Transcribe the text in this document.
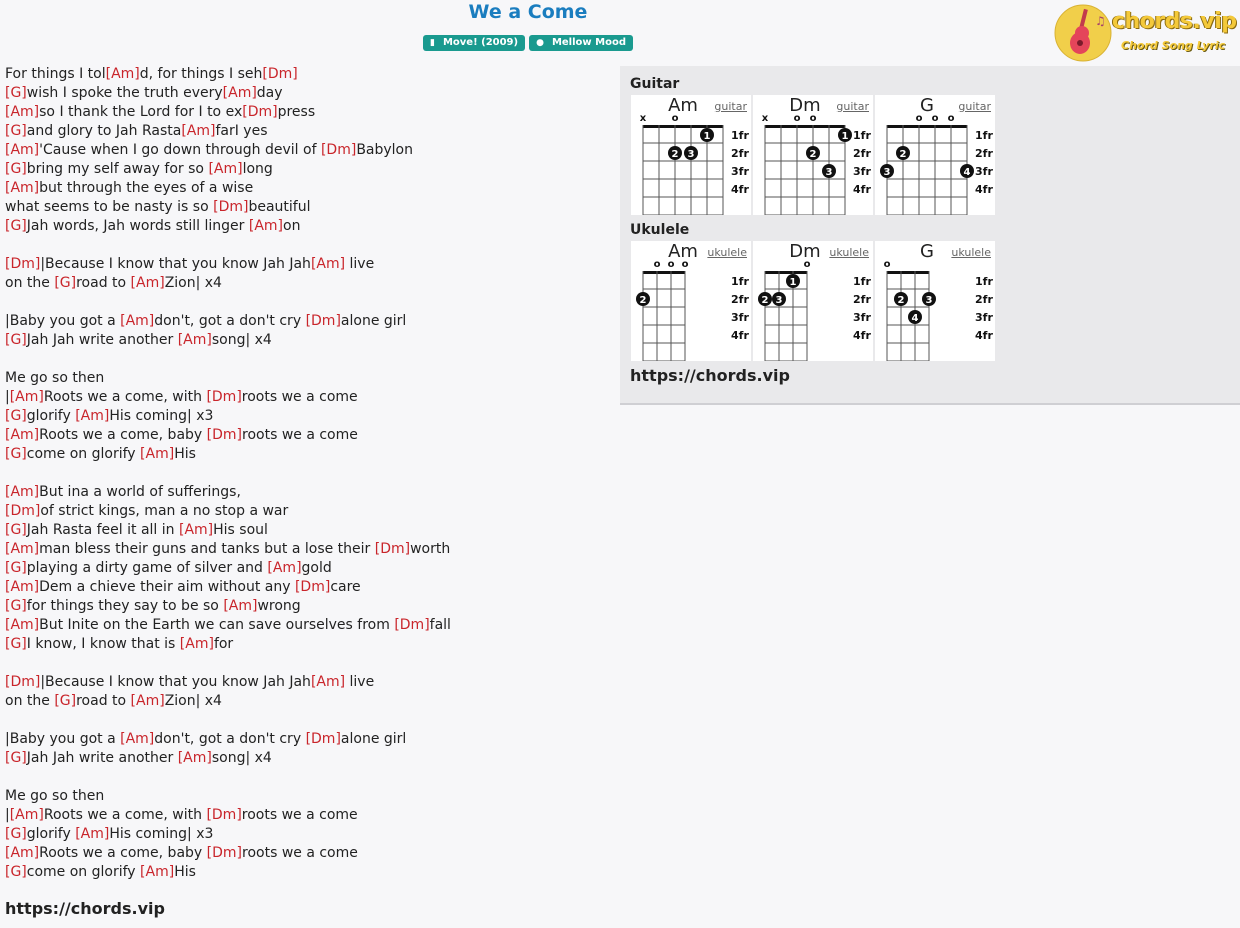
We a Come
▮ Move! (2009) ● Mellow Mood
♫ chords.vip
Chord Song Lyric
For things I tol[Am]d, for things I seh[Dm]
[G]wish I spoke the truth every[Am]day
[Am]so I thank the Lord for I to ex[Dm]press
[G]and glory to Jah Rasta[Am]farI yes
[Am]'Cause when I go down through devil of [Dm]Babylon
[G]bring my self away for so [Am]long
[Am]but through the eyes of a wise
what seems to be nasty is so [Dm]beautiful
[G]Jah words, Jah words still linger [Am]on
[Dm]|Because I know that you know Jah Jah[Am] live
on the [G]road to [Am]Zion| x4
|Baby you got a [Am]don't, got a don't cry [Dm]alone girl
[G]Jah Jah write another [Am]song| x4
Me go so then
|[Am]Roots we a come, with [Dm]roots we a come
[G]glorify [Am]His coming| x3
[Am]Roots we a come, baby [Dm]roots we a come
[G]come on glorify [Am]His
[Am]But ina a world of sufferings,
[Dm]of strict kings, man a no stop a war
[G]Jah Rasta feel it all in [Am]His soul
[Am]man bless their guns and tanks but a lose their [Dm]worth
[G]playing a dirty game of silver and [Am]gold
[Am]Dem a chieve their aim without any [Dm]care
[G]for things they say to be so [Am]wrong
[Am]But Inite on the Earth we can save ourselves from [Dm]fall
[G]I know, I know that is [Am]for
[Dm]|Because I know that you know Jah Jah[Am] live
on the [G]road to [Am]Zion| x4
|Baby you got a [Am]don't, got a don't cry [Dm]alone girl
[G]Jah Jah write another [Am]song| x4
Me go so then
|[Am]Roots we a come, with [Dm]roots we a come
[G]glorify [Am]His coming| x3
[Am]Roots we a come, baby [Dm]roots we a come
[G]come on glorify [Am]His
https://chords.vip
Guitar
Ukulele
Am	guitar
1fr
2fr
3fr
4fr
x	o
1
2 3
Dm	guitar
1fr
2fr
3fr
4fr
x	o o
1
2
3
G	guitar
1fr
2fr
3fr
4fr
o o o
2
3	4
Am ukulele
1fr
2fr
3fr
4fr
o o o
2
Dm ukulele
1fr
2fr
3fr
4fr
o
1
2 3
G	ukulele
1fr
2fr
3fr
4fr
o
2 3
4
https://chords.vip
